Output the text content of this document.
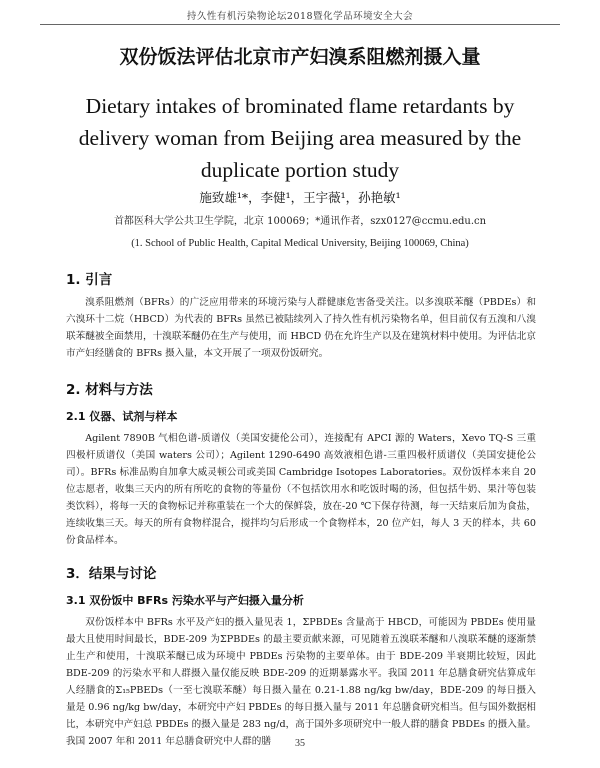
持久性有机污染物论坛2018暨化学品环境安全大会
双份饭法评估北京市产妇溴系阻燃剂摄入量
Dietary intakes of brominated flame retardants by delivery woman from Beijing area measured by the duplicate portion study
施致雄¹*，李健¹，王宇薇¹，孙艳敏¹
首都医科大学公共卫生学院，北京 100069；*通讯作者，szx0127@ccmu.edu.cn
(1. School of Public Health, Capital Medical University, Beijing 100069, China)
1. 引言

溴系阻燃剂（BFRs）的广泛应用带来的环境污染与人群健康危害备受关注。以多溴联苯醚（PBDEs）和六溴环十二烷（HBCD）为代表的 BFRs 虽然已被陆续列入了持久性有机污染物名单，但目前仅有五溴和八溴联苯醚被全面禁用，十溴联苯醚仍在生产与使用，而 HBCD 仍在允许生产以及在建筑材料中使用。为评估北京市产妇经膳食的 BFRs 摄入量，本文开展了一项双份饭研究。

2. 材料与方法
2.1 仪器、试剂与样本

Agilent 7890B 气相色谱-质谱仪（美国安捷伦公司），连接配有 APCI 源的 Waters，Xevo TQ-S 三重四极杆质谱仪（美国 waters 公司）；Agilent 1290-6490 高效液相色谱-三重四极杆质谱仪（美国安捷伦公司）。BFRs 标准品购自加拿大威灵顿公司或美国 Cambridge Isotopes Laboratories。双份饭样本来自 20 位志愿者，收集三天内的所有所吃的食物的等量份（不包括饮用水和吃饭时喝的汤，但包括牛奶、果汁等包装类饮料），将每一天的食物标记并称重装在一个大的保鲜袋，放在-20 ℃下保存待测，每一天结束后加为食盐，连续收集三天。每天的所有食物样混合，搅拌均匀后形成一个食物样本，20 位产妇，每人 3 天的样本，共 60 份食品样本。

3．结果与讨论
3.1 双份饭中 BFRs 污染水平与产妇摄入量分析

双份饭样本中 BFRs 水平及产妇的摄入量见表 1，ΣPBDEs 含量高于 HBCD，可能因为 PBDEs 使用量最大且使用时间最长，BDE-209 为ΣPBDEs 的最主要贡献来源，可见随着五溴联苯醚和八溴联苯醚的逐渐禁止生产和使用，十溴联苯醚已成为环境中 PBDEs 污染物的主要单体。由于 BDE-209 半衰期比较短，因此 BDE-209 的污染水平和人群摄入量仅能反映 BDE-209 的近期暴露水平。我国 2011 年总膳食研究估算成年人经膳食的Σ₁₅PBEDs（一至七溴联苯醚）每日摄入量在 0.21-1.88 ng/kg bw/day，BDE-209 的每日摄入量是 0.96 ng/kg bw/day，本研究中产妇 PBDEs 的每日摄入量与 2011 年总膳食研究相当。但与国外数据相比，本研究中产妇总 PBDEs 的摄入量是 283 ng/d，高于国外多项研究中一般人群的膳食 PBDEs 的摄入量。我国 2007 年和 2011 年总膳食研究中人群的膳	35
